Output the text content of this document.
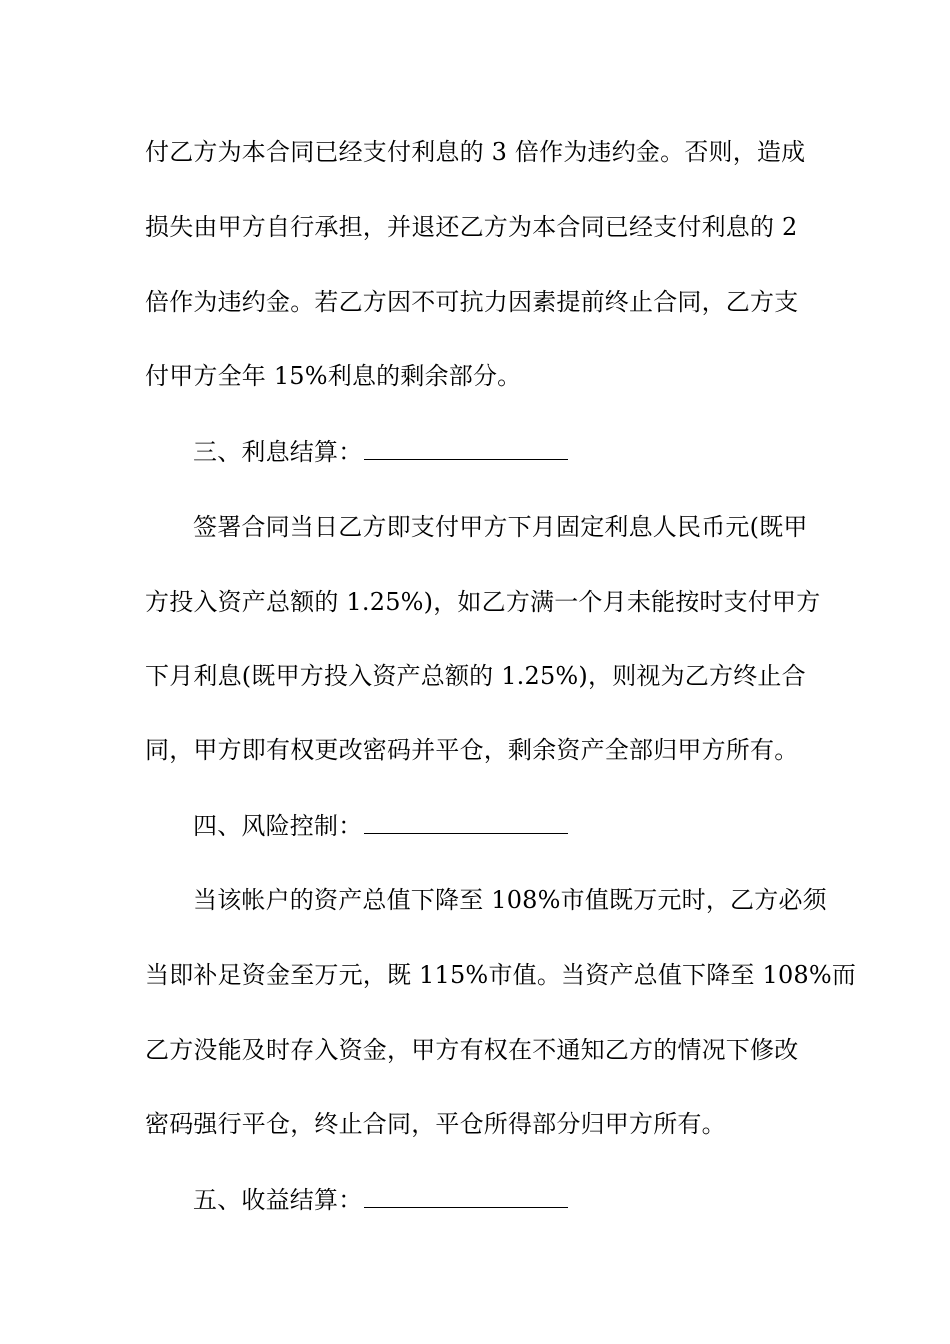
付乙方为本合同已经支付利息的 3 倍作为违约金。否则，造成
损失由甲方自行承担，并退还乙方为本合同已经支付利息的 2
倍作为违约金。若乙方因不可抗力因素提前终止合同，乙方支
付甲方全年 15%利息的剩余部分。
三、利息结算：
签署合同当日乙方即支付甲方下月固定利息人民币元(既甲
方投入资产总额的 1.25%)，如乙方满一个月未能按时支付甲方
下月利息(既甲方投入资产总额的 1.25%)，则视为乙方终止合
同，甲方即有权更改密码并平仓，剩余资产全部归甲方所有。
四、风险控制：
当该帐户的资产总值下降至 108%市值既万元时，乙方必须
当即补足资金至万元，既 115%市值。当资产总值下降至 108%而
乙方没能及时存入资金，甲方有权在不通知乙方的情况下修改
密码强行平仓，终止合同，平仓所得部分归甲方所有。
五、收益结算：
